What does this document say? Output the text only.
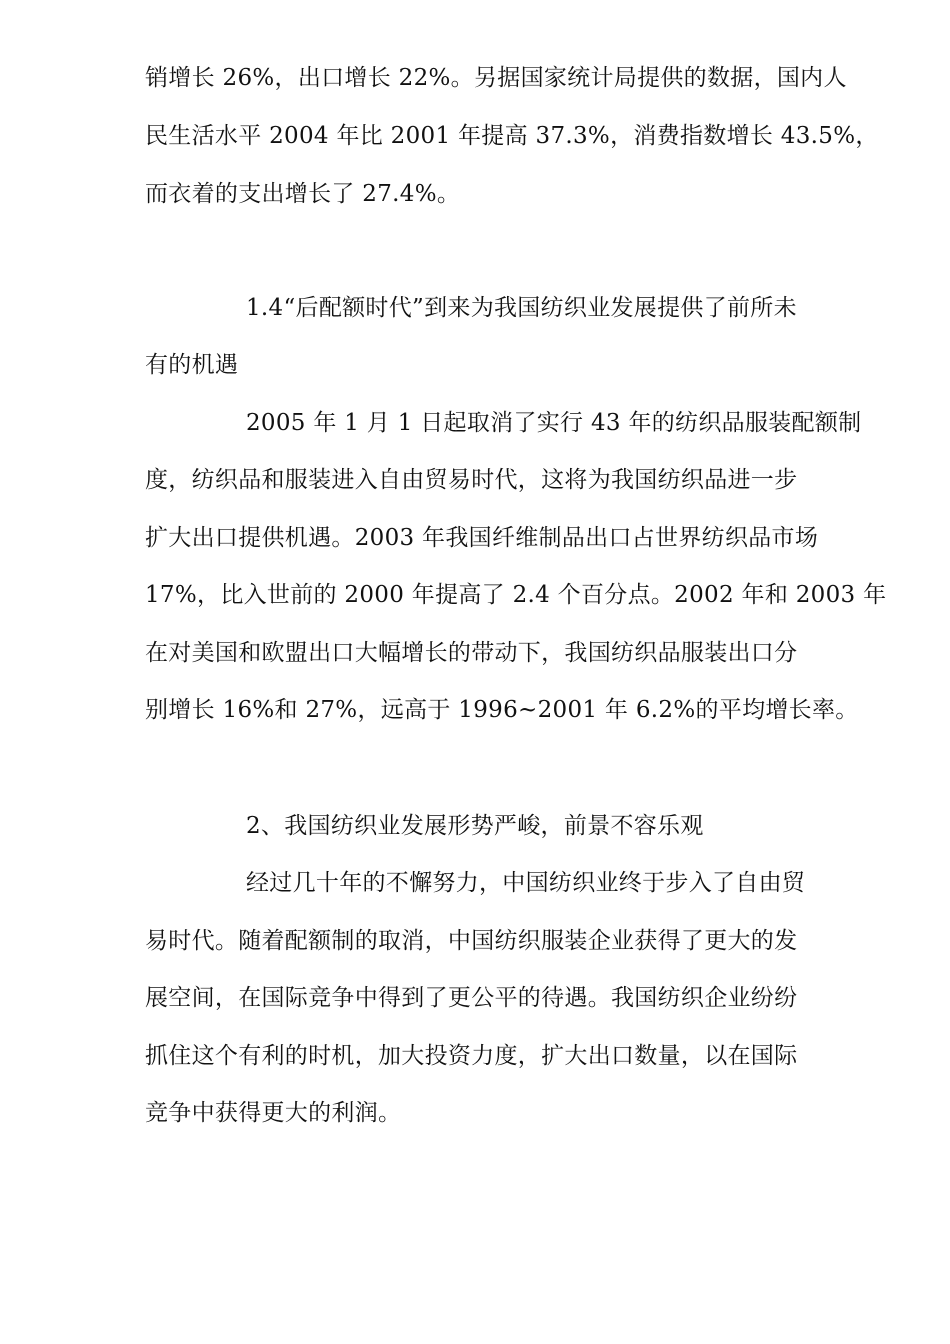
销增长 26%，出口增长 22%。另据国家统计局提供的数据，国内人
民生活水平 2004 年比 2001 年提高 37.3%，消费指数增长 43.5%，
而衣着的支出增长了 27.4%。
1.4“后配额时代”到来为我国纺织业发展提供了前所未
有的机遇
2005 年 1 月 1 日起取消了实行 43 年的纺织品服装配额制
度，纺织品和服装进入自由贸易时代，这将为我国纺织品进一步
扩大出口提供机遇。2003 年我国纤维制品出口占世界纺织品市场
17%，比入世前的 2000 年提高了 2.4 个百分点。2002 年和 2003 年
在对美国和欧盟出口大幅增长的带动下，我国纺织品服装出口分
别增长 16%和 27%，远高于 1996~2001 年 6.2%的平均增长率。
2、我国纺织业发展形势严峻，前景不容乐观
经过几十年的不懈努力，中国纺织业终于步入了自由贸
易时代。随着配额制的取消，中国纺织服装企业获得了更大的发
展空间，在国际竞争中得到了更公平的待遇。我国纺织企业纷纷
抓住这个有利的时机，加大投资力度，扩大出口数量，以在国际
竞争中获得更大的利润。
